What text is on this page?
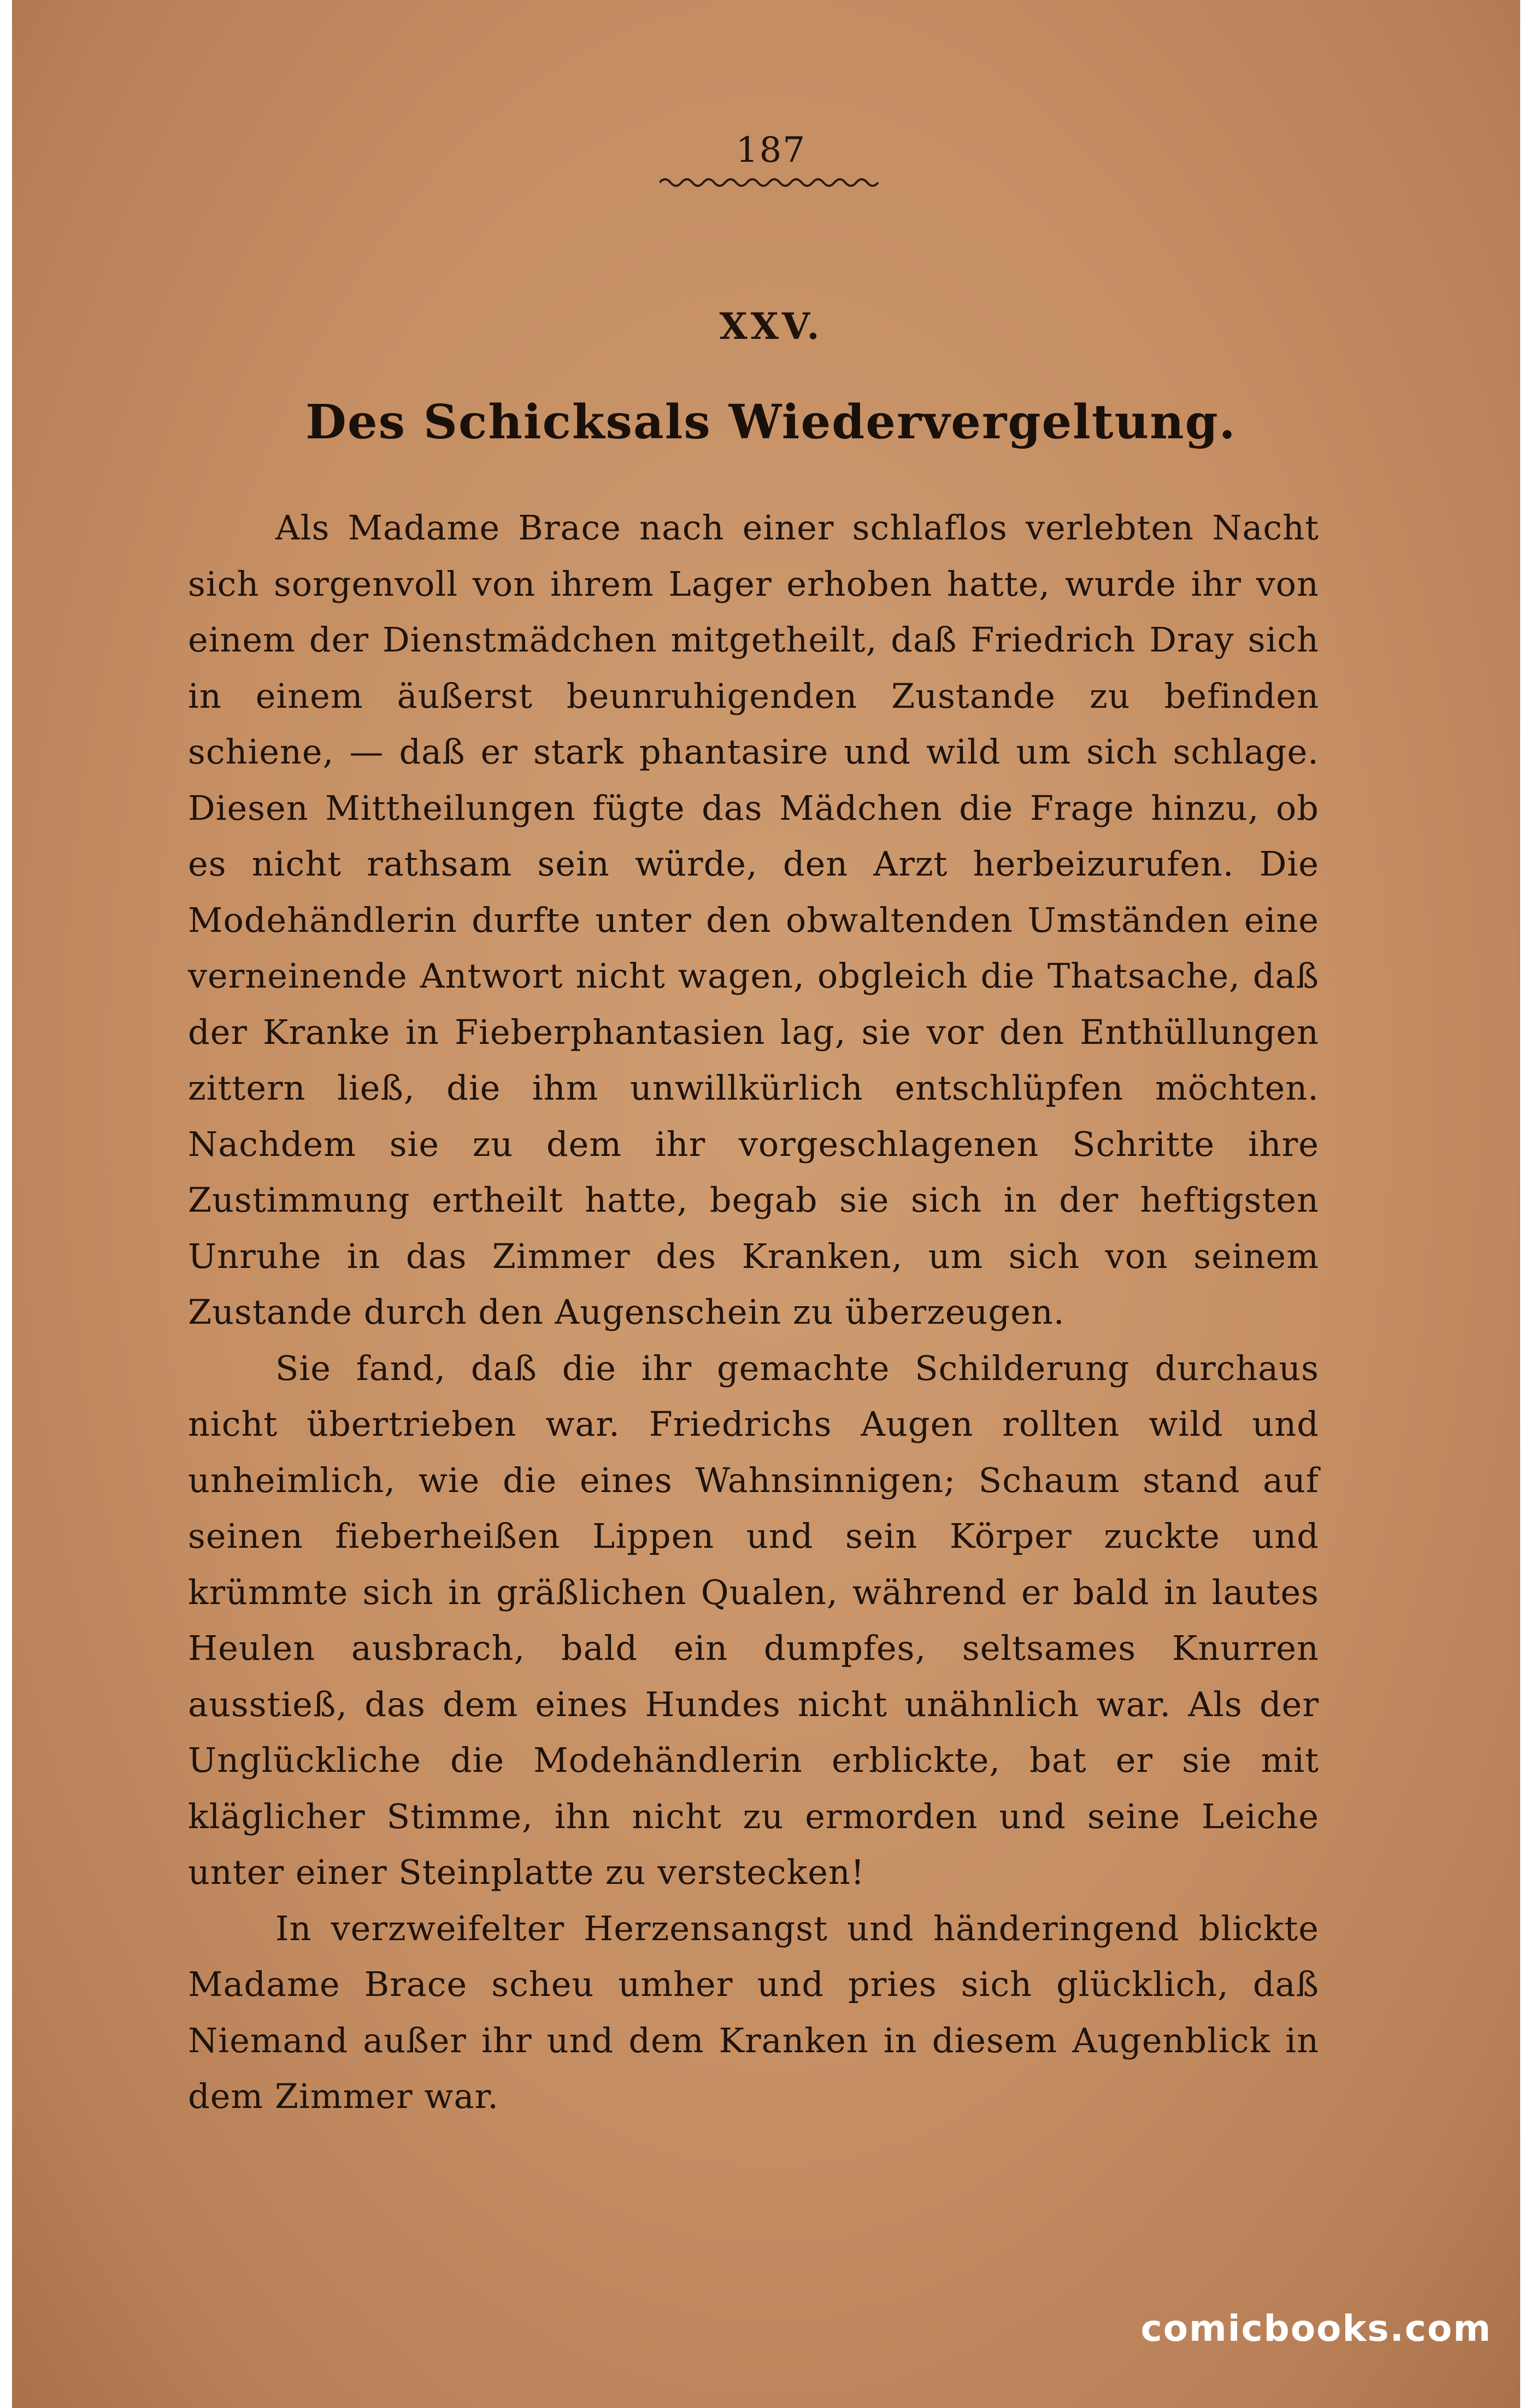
187
XXV.
Des Schicksals Wiedervergeltung.

Als Madame Brace nach einer schlaflos verlebten Nacht sich sorgenvoll von ihrem Lager erhoben hatte, wurde ihr von einem der Dienstmädchen mitgetheilt, daß Friedrich Dray sich in einem äußerst beunruhigenden Zustande zu befinden schiene, — daß er stark phantasire und wild um sich schlage. Diesen Mittheilungen fügte das Mädchen die Frage hinzu, ob es nicht rathsam sein würde, den Arzt herbeizurufen. Die Modehändlerin durfte unter den obwaltenden Umständen eine verneinende Antwort nicht wagen, obgleich die Thatsache, daß der Kranke in Fieberphantasien lag, sie vor den Enthüllungen zittern ließ, die ihm unwillkürlich entschlüpfen möchten. Nachdem sie zu dem ihr vorgeschlagenen Schritte ihre Zustimmung ertheilt hatte, begab sie sich in der heftigsten Unruhe in das Zimmer des Kranken, um sich von seinem Zustande durch den Augenschein zu überzeugen.

Sie fand, daß die ihr gemachte Schilderung durchaus nicht übertrieben war. Friedrichs Augen rollten wild und unheimlich, wie die eines Wahnsinnigen; Schaum stand auf seinen fieberheißen Lippen und sein Körper zuckte und krümmte sich in gräßlichen Qualen, während er bald in lautes Heulen ausbrach, bald ein dumpfes, seltsames Knurren ausstieß, das dem eines Hundes nicht unähnlich war. Als der Unglückliche die Modehändlerin erblickte, bat er sie mit kläglicher Stimme, ihn nicht zu ermorden und seine Leiche unter einer Steinplatte zu verstecken!

In verzweifelter Herzensangst und händeringend blickte Madame Brace scheu umher und pries sich glücklich, daß Niemand außer ihr und dem Kranken in diesem Augenblick in dem Zimmer war.

comicbooks.com
